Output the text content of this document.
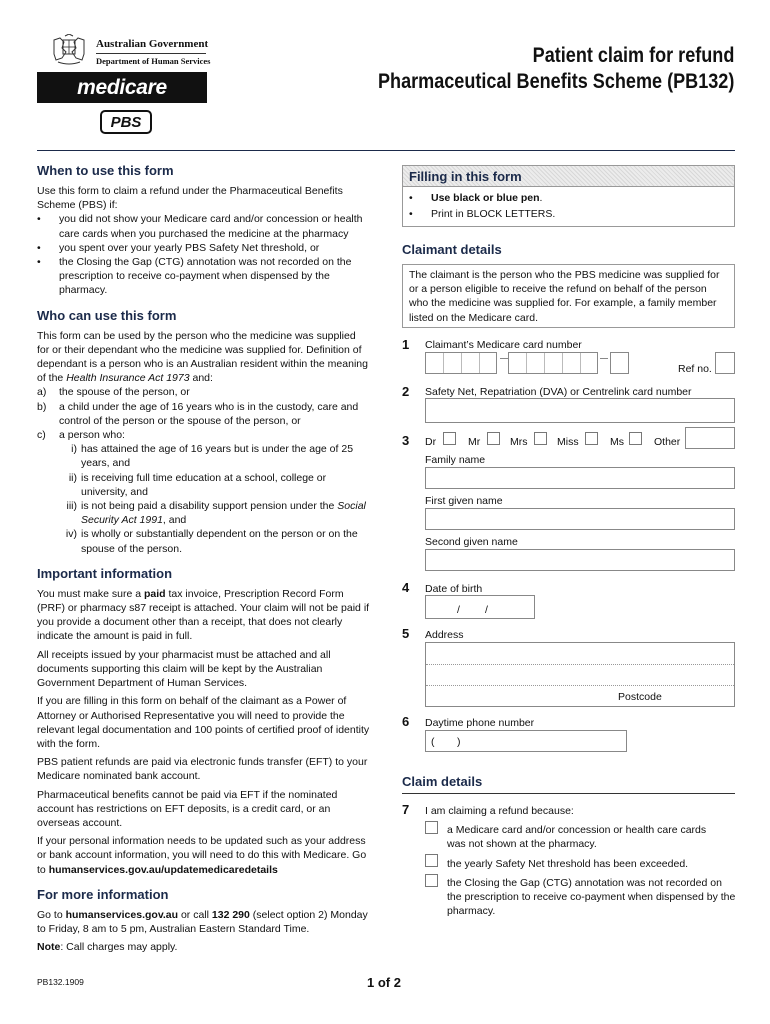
Australian Government
Department of Human Services
medicare
PBS
Patient claim for refund
Pharmaceutical Benefits Scheme (PB132)
When to use this form

Use this form to claim a refund under the Pharmaceutical Benefits Scheme (PBS) if:

• you did not show your Medicare card and/or concession or health care cards when you purchased the medicine at the pharmacy
• you spent over your yearly PBS Safety Net threshold, or
• the Closing the Gap (CTG) annotation was not recorded on the prescription to receive co-payment when dispensed by the pharmacy.
Who can use this form

This form can be used by the person who the medicine was supplied for or their dependant who the medicine was supplied for. Definition of dependant is a person who is an Australian resident within the meaning of the Health Insurance Act 1973 and:

a) the spouse of the person, or
b) a child under the age of 16 years who is in the custody, care and control of the person or the spouse of the person, or
c) a person who:
i) has attained the age of 16 years but is under the age of 25 years, and
ii) is receiving full time education at a school, college or university, and
iii) is not being paid a disability support pension under the Social Security Act 1991, and
iv) is wholly or substantially dependent on the person or on the spouse of the person.
Important information

You must make sure a paid tax invoice, Prescription Record Form (PRF) or pharmacy s87 receipt is attached. Your claim will not be paid if you provide a document other than a receipt, that does not clearly indicate the amount is paid in full.

All receipts issued by your pharmacist must be attached and all documents supporting this claim will be kept by the Australian Government Department of Human Services.

If you are filling in this form on behalf of the claimant as a Power of Attorney or Authorised Representative you will need to provide the relevant legal documentation and 100 points of certified proof of identity with the form.

PBS patient refunds are paid via electronic funds transfer (EFT) to your Medicare nominated bank account.

Pharmaceutical benefits cannot be paid via EFT if the nominated account has restrictions on EFT deposits, is a credit card, or an overseas account.

If your personal information needs to be updated such as your address or bank account information, you will need to do this with Medicare. Go to humanservices.gov.au/updatemedicaredetails

For more information

Go to humanservices.gov.au or call 132 290 (select option 2) Monday to Friday, 8 am to 5 pm, Australian Eastern Standard Time.

Note: Call charges may apply.

Filling in this form
• Use black or blue pen.
• Print in BLOCK LETTERS.
Claimant details
The claimant is the person who the PBS medicine was supplied for or a person eligible to receive the refund on behalf of the person who the medicine was supplied for. For example, a family member listed on the Medicare card.
1 Claimant’s Medicare card number
Ref no.
2 Safety Net, Repatriation (DVA) or Centrelink card number
3 Dr	Mr	Mrs	Miss	Ms	Other
Family name
First given name
Second given name
4 Date of birth
/ /
5 Address
Postcode
6 Daytime phone number
( )
Claim details
7 I am claiming a refund because:
a Medicare card and/or concession or health care cards was not shown at the pharmacy.
the yearly Safety Net threshold has been exceeded.
the Closing the Gap (CTG) annotation was not recorded on the prescription to receive co-payment when dispensed by the pharmacy.
PB132.1909	1 of 2
